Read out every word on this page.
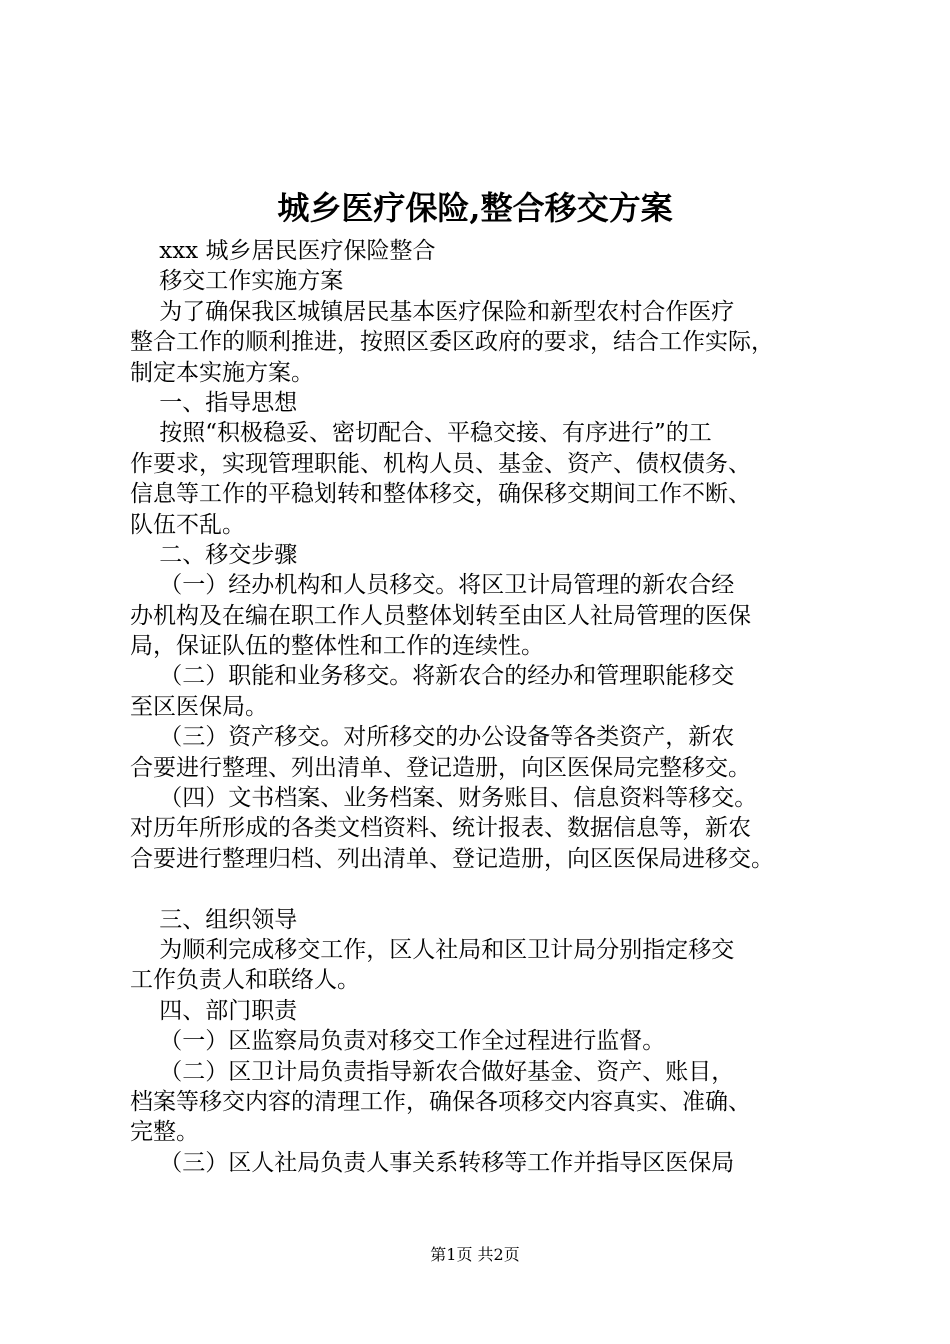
城乡医疗保险,整合移交方案
xxx 城乡居民医疗保险整合
移交工作实施方案
为了确保我区城镇居民基本医疗保险和新型农村合作医疗
整合工作的顺利推进，按照区委区政府的要求，结合工作实际，
制定本实施方案。
一、指导思想
按照“积极稳妥、密切配合、平稳交接、有序进行”的工
作要求，实现管理职能、机构人员、基金、资产、债权债务、
信息等工作的平稳划转和整体移交，确保移交期间工作不断、
队伍不乱。
二、移交步骤
（一）经办机构和人员移交。将区卫计局管理的新农合经
办机构及在编在职工作人员整体划转至由区人社局管理的医保
局，保证队伍的整体性和工作的连续性。
（二）职能和业务移交。将新农合的经办和管理职能移交
至区医保局。
（三）资产移交。对所移交的办公设备等各类资产，新农
合要进行整理、列出清单、登记造册，向区医保局完整移交。
（四）文书档案、业务档案、财务账目、信息资料等移交。
对历年所形成的各类文档资料、统计报表、数据信息等，新农
合要进行整理归档、列出清单、登记造册，向区医保局进移交。
三、组织领导
为顺利完成移交工作，区人社局和区卫计局分别指定移交
工作负责人和联络人。
四、部门职责
（一）区监察局负责对移交工作全过程进行监督。
（二）区卫计局负责指导新农合做好基金、资产、账目，
档案等移交内容的清理工作，确保各项移交内容真实、准确、
完整。
（三）区人社局负责人事关系转移等工作并指导区医保局
第1页 共2页
